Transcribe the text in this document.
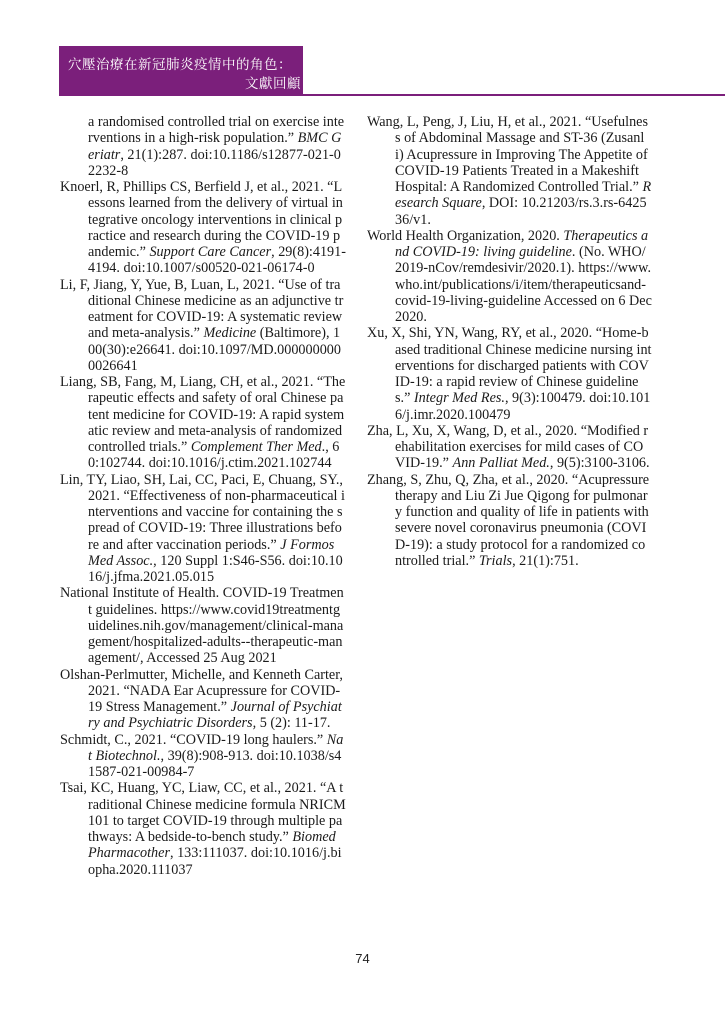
穴壓治療在新冠肺炎疫情中的角色：
文獻回顧

a randomised controlled trial on exercise interventions in a high-risk population.” BMC Geriatr, 21(1):287. doi:10.1186/s12877-021-02232-8

Knoerl, R, Phillips CS, Berfield J, et al., 2021. “Lessons learned from the delivery of virtual integrative oncology interventions in clinical practice and research during the COVID-19 pandemic.” Support Care Cancer, 29(8):4191-4194. doi:10.1007/s00520-021-06174-0

Li, F, Jiang, Y, Yue, B, Luan, L, 2021. “Use of traditional Chinese medicine as an adjunctive treatment for COVID-19: A systematic review and meta-analysis.” Medicine (Baltimore), 100(30):e26641. doi:10.1097/MD.0000000000026641

Liang, SB, Fang, M, Liang, CH, et al., 2021. “Therapeutic effects and safety of oral Chinese patent medicine for COVID-19: A rapid systematic review and meta-analysis of randomized controlled trials.” Complement Ther Med., 60:102744. doi:10.1016/j.ctim.2021.102744

Lin, TY, Liao, SH, Lai, CC, Paci, E, Chuang, SY., 2021. “Effectiveness of non-pharmaceutical interventions and vaccine for containing the spread of COVID-19: Three illustrations before and after vaccination periods.” J Formos Med Assoc., 120 Suppl 1:S46-S56. doi:10.1016/j.jfma.2021.05.015

National Institute of Health. COVID-19 Treatment guidelines. https://www.covid19treatmentguidelines.nih.gov/management/clinical-management/hospitalized-adults--therapeutic-management/, Accessed 25 Aug 2021

Olshan-Perlmutter, Michelle, and Kenneth Carter, 2021. “NADA Ear Acupressure for COVID-19 Stress Management.” Journal of Psychiatry and Psychiatric Disorders, 5 (2): 11-17.

Schmidt, C., 2021. “COVID-19 long haulers.” Nat Biotechnol., 39(8):908-913. doi:10.1038/s41587-021-00984-7

Tsai, KC, Huang, YC, Liaw, CC, et al., 2021. “A traditional Chinese medicine formula NRICM101 to target COVID-19 through multiple pathways: A bedside-to-bench study.” Biomed Pharmacother, 133:111037. doi:10.1016/j.biopha.2020.111037

Wang, L, Peng, J, Liu, H, et al., 2021. “Usefulness of Abdominal Massage and ST-36 (Zusanli) Acupressure in Improving The Appetite of COVID-19 Patients Treated in a Makeshift Hospital: A Randomized Controlled Trial.” Research Square, DOI: 10.21203/rs.3.rs-642536/v1.

World Health Organization, 2020. Therapeutics and COVID-19: living guideline. (No. WHO/2019-nCov/remdesivir/2020.1). https://www.who.int/publications/i/item/therapeuticsand-covid-19-living-guideline Accessed on 6 Dec 2020.

Xu, X, Shi, YN, Wang, RY, et al., 2020. “Home-based traditional Chinese medicine nursing interventions for discharged patients with COVID-19: a rapid review of Chinese guidelines.” Integr Med Res., 9(3):100479. doi:10.1016/j.imr.2020.100479

Zha, L, Xu, X, Wang, D, et al., 2020. “Modified rehabilitation exercises for mild cases of COVID-19.” Ann Palliat Med., 9(5):3100-3106.

Zhang, S, Zhu, Q, Zha, et al., 2020. “Acupressure therapy and Liu Zi Jue Qigong for pulmonary function and quality of life in patients with severe novel coronavirus pneumonia (COVID-19): a study protocol for a randomized controlled trial.” Trials, 21(1):751.

74
